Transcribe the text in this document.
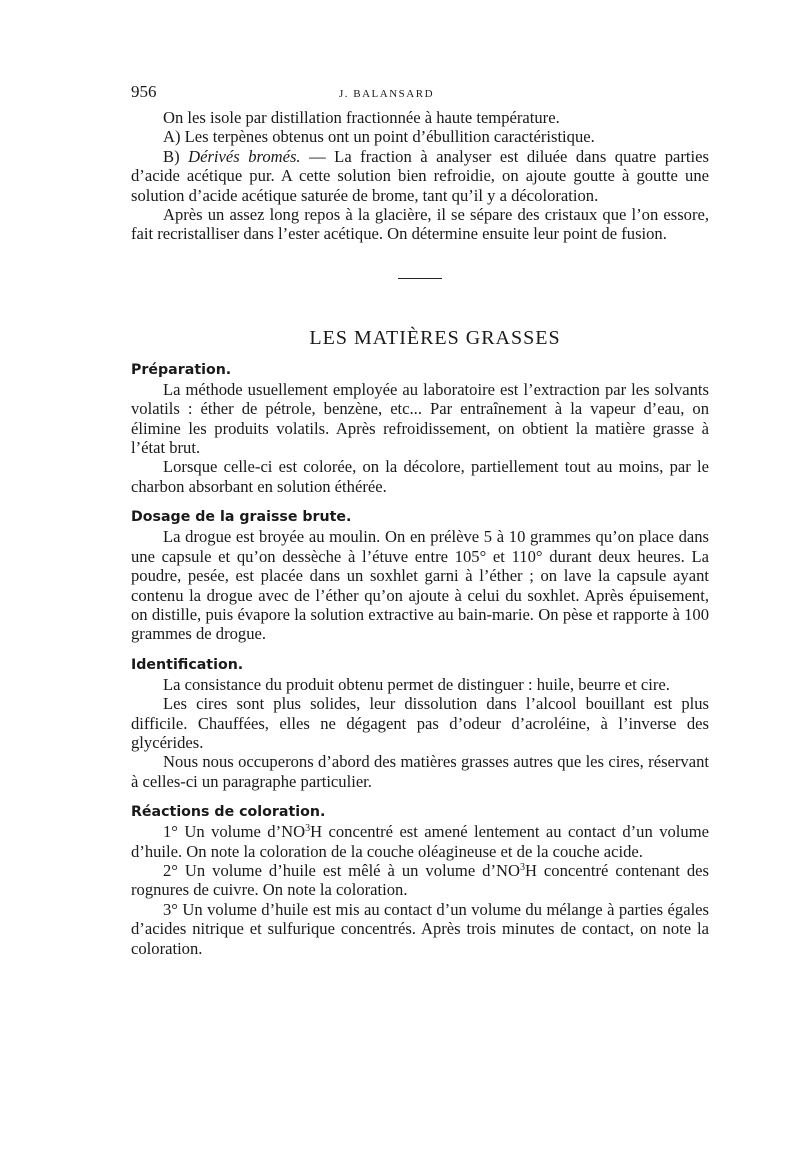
956	J. BALANSARD

On les isole par distillation fractionnée à haute température.

A) Les terpènes obtenus ont un point d’ébullition caractéristique.

B) Dérivés bromés. — La fraction à analyser est diluée dans quatre parties d’acide acétique pur. A cette solution bien refroidie, on ajoute goutte à goutte une solution d’acide acétique saturée de brome, tant qu’il y a décoloration.

Après un assez long repos à la glacière, il se sépare des cristaux que l’on essore, fait recristalliser dans l’ester acétique. On détermine ensuite leur point de fusion.

LES MATIÈRES GRASSES
Préparation.

La méthode usuellement employée au laboratoire est l’extraction par les solvants volatils : éther de pétrole, benzène, etc... Par entraînement à la vapeur d’eau, on élimine les produits volatils. Après refroidissement, on obtient la matière grasse à l’état brut.

Lorsque celle-ci est colorée, on la décolore, partiellement tout au moins, par le charbon absorbant en solution éthérée.

Dosage de la graisse brute.

La drogue est broyée au moulin. On en prélève 5 à 10 grammes qu’on place dans une capsule et qu’on dessèche à l’étuve entre 105° et 110° durant deux heures. La poudre, pesée, est placée dans un soxhlet garni à l’éther ; on lave la capsule ayant contenu la drogue avec de l’éther qu’on ajoute à celui du soxhlet. Après épuisement, on distille, puis évapore la solution extractive au bain-marie. On pèse et rapporte à 100 grammes de drogue.

Identification.

La consistance du produit obtenu permet de distinguer : huile, beurre et cire.

Les cires sont plus solides, leur dissolution dans l’alcool bouillant est plus difficile. Chauffées, elles ne dégagent pas d’odeur d’acroléine, à l’inverse des glycérides.

Nous nous occuperons d’abord des matières grasses autres que les cires, réservant à celles-ci un paragraphe particulier.

Réactions de coloration.

1° Un volume $d’NO^3H$ concentré est amené lentement au contact d’un volume d’huile. On note la coloration de la couche oléagineuse et de la couche acide.

2° Un volume d’huile est mêlé à un volume $d’NO^3H$ concentré contenant des rognures de cuivre. On note la coloration.

3° Un volume d’huile est mis au contact d’un volume du mélange à parties égales d’acides nitrique et sulfurique concentrés. Après trois minutes de contact, on note la coloration.
